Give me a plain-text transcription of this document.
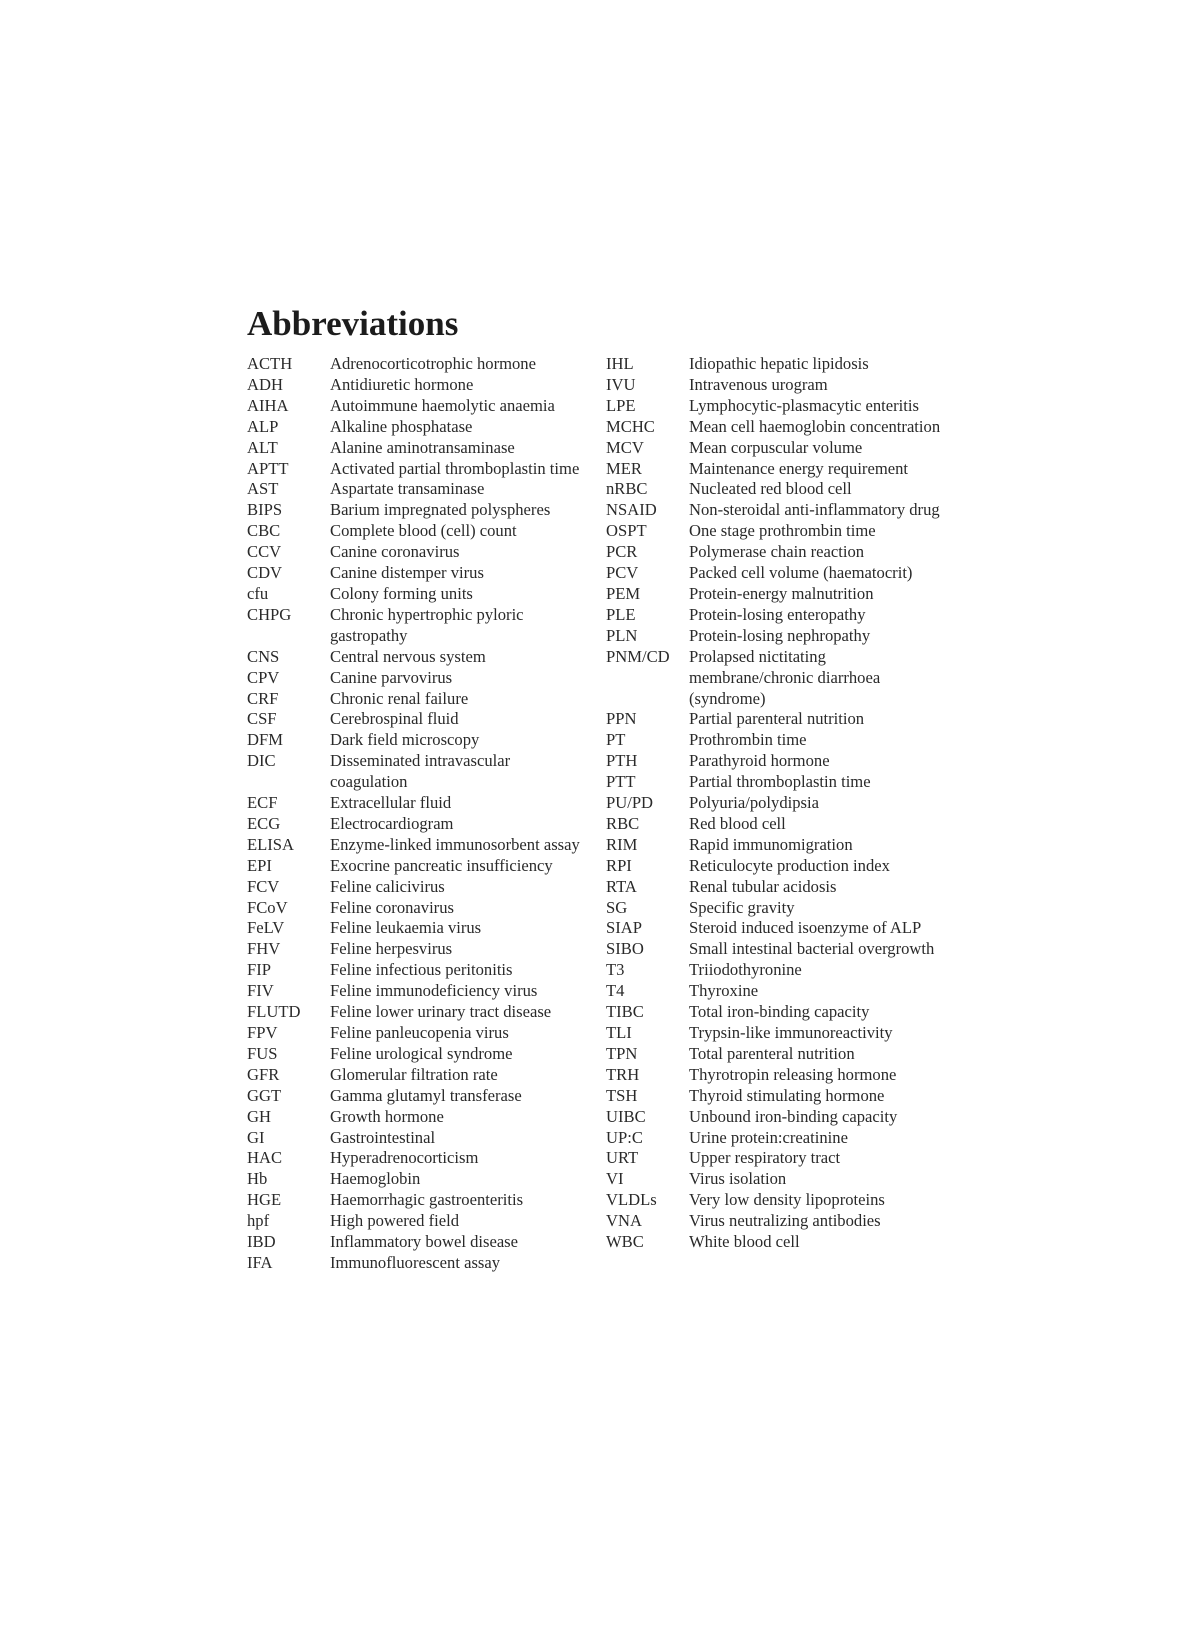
Abbreviations
ACTH	Adrenocorticotrophic hormone
ADH	Antidiuretic hormone
AIHA	Autoimmune haemolytic anaemia
ALP	Alkaline phosphatase
ALT	Alanine aminotransaminase
APTT	Activated partial thromboplastin time
AST	Aspartate transaminase
BIPS	Barium impregnated polyspheres
CBC	Complete blood (cell) count
CCV	Canine coronavirus
CDV	Canine distemper virus
cfu	Colony forming units
CHPG	Chronic hypertrophic pyloric gastropathy
CNS	Central nervous system
CPV	Canine parvovirus
CRF	Chronic renal failure
CSF	Cerebrospinal fluid
DFM	Dark field microscopy
DIC	Disseminated intravascular coagulation
ECF	Extracellular fluid
ECG	Electrocardiogram
ELISA	Enzyme-linked immunosorbent assay
EPI	Exocrine pancreatic insufficiency
FCV	Feline calicivirus
FCoV	Feline coronavirus
FeLV	Feline leukaemia virus
FHV	Feline herpesvirus
FIP	Feline infectious peritonitis
FIV	Feline immunodeficiency virus
FLUTD	Feline lower urinary tract disease
FPV	Feline panleucopenia virus
FUS	Feline urological syndrome
GFR	Glomerular filtration rate
GGT	Gamma glutamyl transferase
GH	Growth hormone
GI	Gastrointestinal
HAC	Hyperadrenocorticism
Hb	Haemoglobin
HGE	Haemorrhagic gastroenteritis
hpf	High powered field
IBD	Inflammatory bowel disease
IFA	Immunofluorescent assay
IHL	Idiopathic hepatic lipidosis
IVU	Intravenous urogram
LPE	Lymphocytic-plasmacytic enteritis
MCHC	Mean cell haemoglobin concentration
MCV	Mean corpuscular volume
MER	Maintenance energy requirement
nRBC	Nucleated red blood cell
NSAID	Non-steroidal anti-inflammatory drug
OSPT	One stage prothrombin time
PCR	Polymerase chain reaction
PCV	Packed cell volume (haematocrit)
PEM	Protein-energy malnutrition
PLE	Protein-losing enteropathy
PLN	Protein-losing nephropathy
PNM/CD	Prolapsed nictitating membrane/chronic diarrhoea (syndrome)
PPN	Partial parenteral nutrition
PT	Prothrombin time
PTH	Parathyroid hormone
PTT	Partial thromboplastin time
PU/PD	Polyuria/polydipsia
RBC	Red blood cell
RIM	Rapid immunomigration
RPI	Reticulocyte production index
RTA	Renal tubular acidosis
SG	Specific gravity
SIAP	Steroid induced isoenzyme of ALP
SIBO	Small intestinal bacterial overgrowth
T3	Triiodothyronine
T4	Thyroxine
TIBC	Total iron-binding capacity
TLI	Trypsin-like immunoreactivity
TPN	Total parenteral nutrition
TRH	Thyrotropin releasing hormone
TSH	Thyroid stimulating hormone
UIBC	Unbound iron-binding capacity
UP:C	Urine protein:creatinine
URT	Upper respiratory tract
VI	Virus isolation
VLDLs	Very low density lipoproteins
VNA	Virus neutralizing antibodies
WBC	White blood cell
